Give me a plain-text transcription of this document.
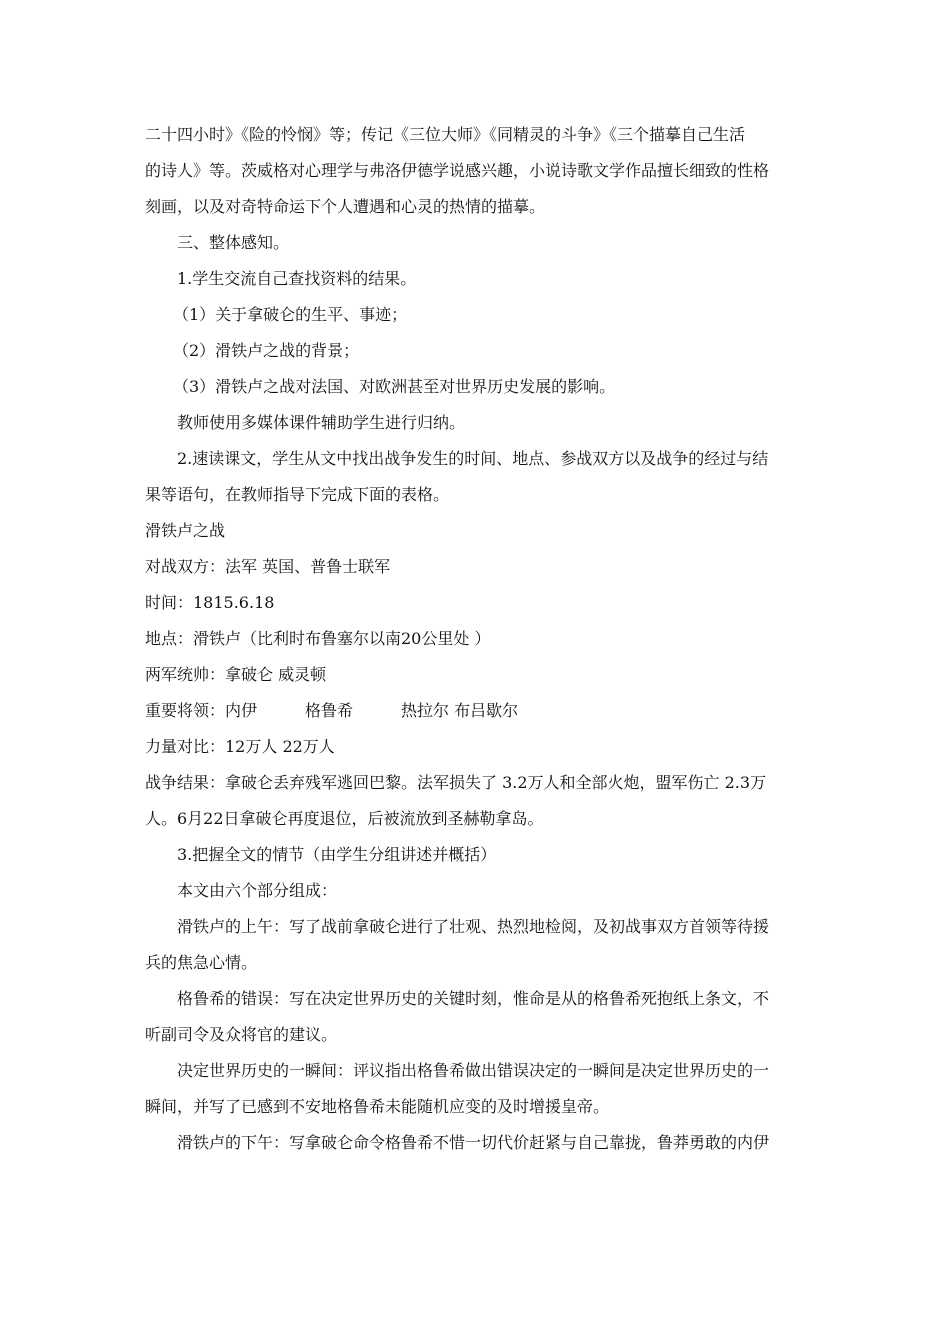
二十四小时》《险的怜悯》等；传记《三位大师》《同精灵的斗争》《三个描摹自己生活
的诗人》等。茨威格对心理学与弗洛伊德学说感兴趣，小说诗歌文学作品擅长细致的性格
刻画，以及对奇特命运下个人遭遇和心灵的热情的描摹。
三、整体感知。
1.学生交流自己查找资料的结果。
（1）关于拿破仑的生平、事迹；
（2）滑铁卢之战的背景；
（3）滑铁卢之战对法国、对欧洲甚至对世界历史发展的影响。
教师使用多媒体课件辅助学生进行归纳。
2.速读课文，学生从文中找出战争发生的时间、地点、参战双方以及战争的经过与结
果等语句，在教师指导下完成下面的表格。
滑铁卢之战
对战双方：法军 英国、普鲁士联军
时间：1815.6.18
地点：滑铁卢（比利时布鲁塞尔以南20公里处 ）
两军统帅：拿破仑 威灵顿
重要将领：内伊	格鲁希	热拉尔 布吕歇尔
力量对比：12万人 22万人
战争结果：拿破仑丢弃残军逃回巴黎。法军损失了 3.2万人和全部火炮，盟军伤亡 2.3万
人。6月22日拿破仑再度退位，后被流放到圣赫勒拿岛。
3.把握全文的情节（由学生分组讲述并概括）
本文由六个部分组成：
滑铁卢的上午：写了战前拿破仑进行了壮观、热烈地检阅，及初战事双方首领等待援
兵的焦急心情。
格鲁希的错误：写在决定世界历史的关键时刻，惟命是从的格鲁希死抱纸上条文，不
听副司令及众将官的建议。
决定世界历史的一瞬间：评议指出格鲁希做出错误决定的一瞬间是决定世界历史的一
瞬间，并写了已感到不安地格鲁希未能随机应变的及时增援皇帝。
滑铁卢的下午：写拿破仑命令格鲁希不惜一切代价赶紧与自己靠拢，鲁莽勇敢的内伊
